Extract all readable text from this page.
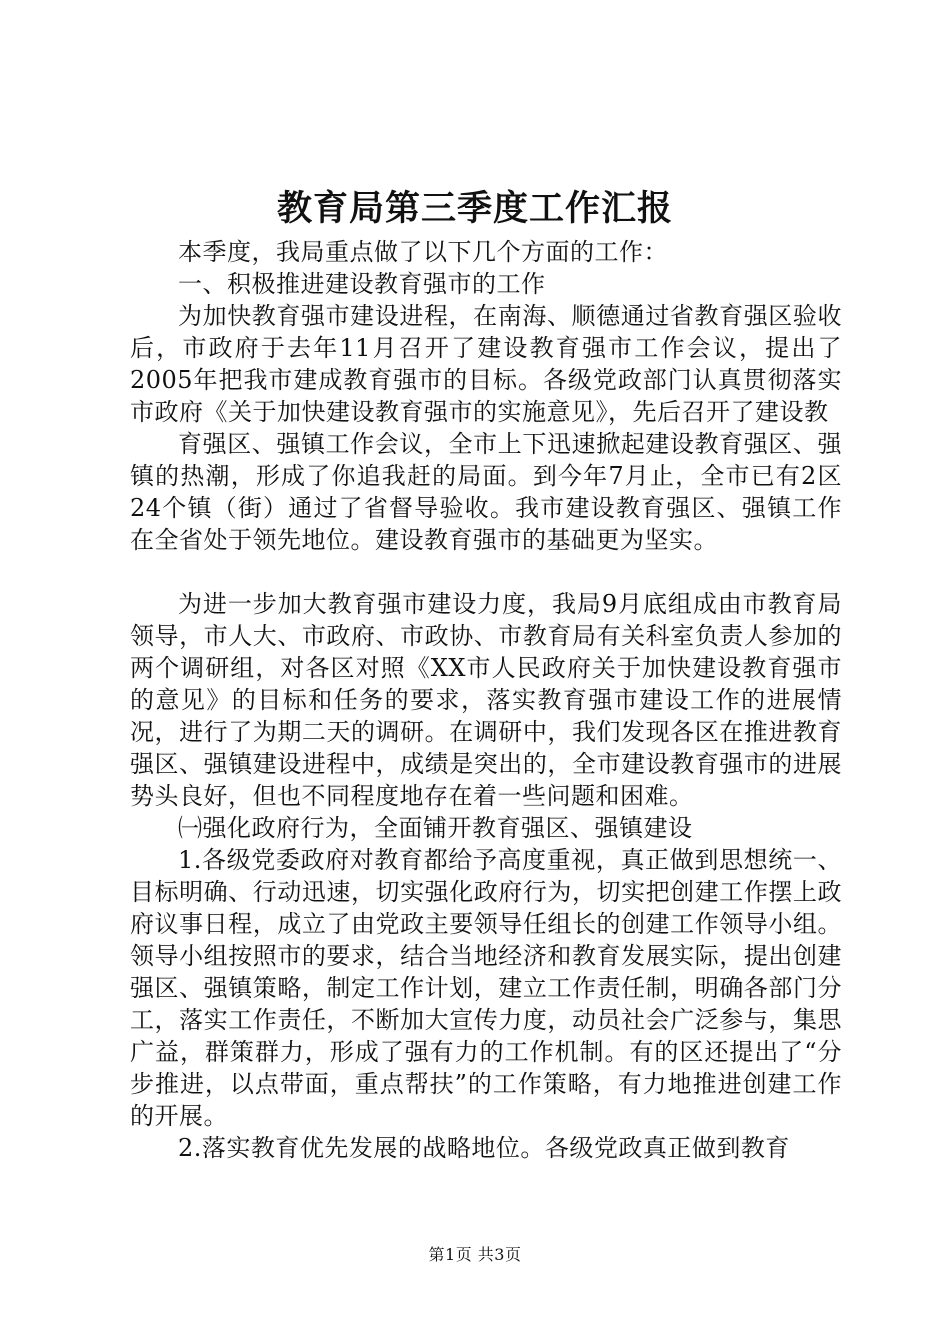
教育局第三季度工作汇报

本季度，我局重点做了以下几个方面的工作：

一、积极推进建设教育强市的工作

为加快教育强市建设进程，在南海、顺德通过省教育强区验收后，市政府于去年11月召开了建设教育强市工作会议，提出了2005年把我市建成教育强市的目标。各级党政部门认真贯彻落实市政府《关于加快建设教育强市的实施意见》，先后召开了建设教

育强区、强镇工作会议，全市上下迅速掀起建设教育强区、强镇的热潮，形成了你追我赶的局面。到今年7月止，全市已有2区24个镇（街）通过了省督导验收。我市建设教育强区、强镇工作在全省处于领先地位。建设教育强市的基础更为坚实。

为进一步加大教育强市建设力度，我局9月底组成由市教育局领导，市人大、市政府、市政协、市教育局有关科室负责人参加的两个调研组，对各区对照《XX市人民政府关于加快建设教育强市的意见》的目标和任务的要求，落实教育强市建设工作的进展情况，进行了为期二天的调研。在调研中，我们发现各区在推进教育强区、强镇建设进程中，成绩是突出的，全市建设教育强市的进展势头良好，但也不同程度地存在着一些问题和困难。

㈠强化政府行为，全面铺开教育强区、强镇建设

1.各级党委政府对教育都给予高度重视，真正做到思想统一、目标明确、行动迅速，切实强化政府行为，切实把创建工作摆上政府议事日程，成立了由党政主要领导任组长的创建工作领导小组。领导小组按照市的要求，结合当地经济和教育发展实际，提出创建强区、强镇策略，制定工作计划，建立工作责任制，明确各部门分工，落实工作责任，不断加大宣传力度，动员社会广泛参与，集思广益，群策群力，形成了强有力的工作机制。有的区还提出了“分步推进，以点带面，重点帮扶”的工作策略，有力地推进创建工作的开展。

2.落实教育优先发展的战略地位。各级党政真正做到教育

第1页 共3页
